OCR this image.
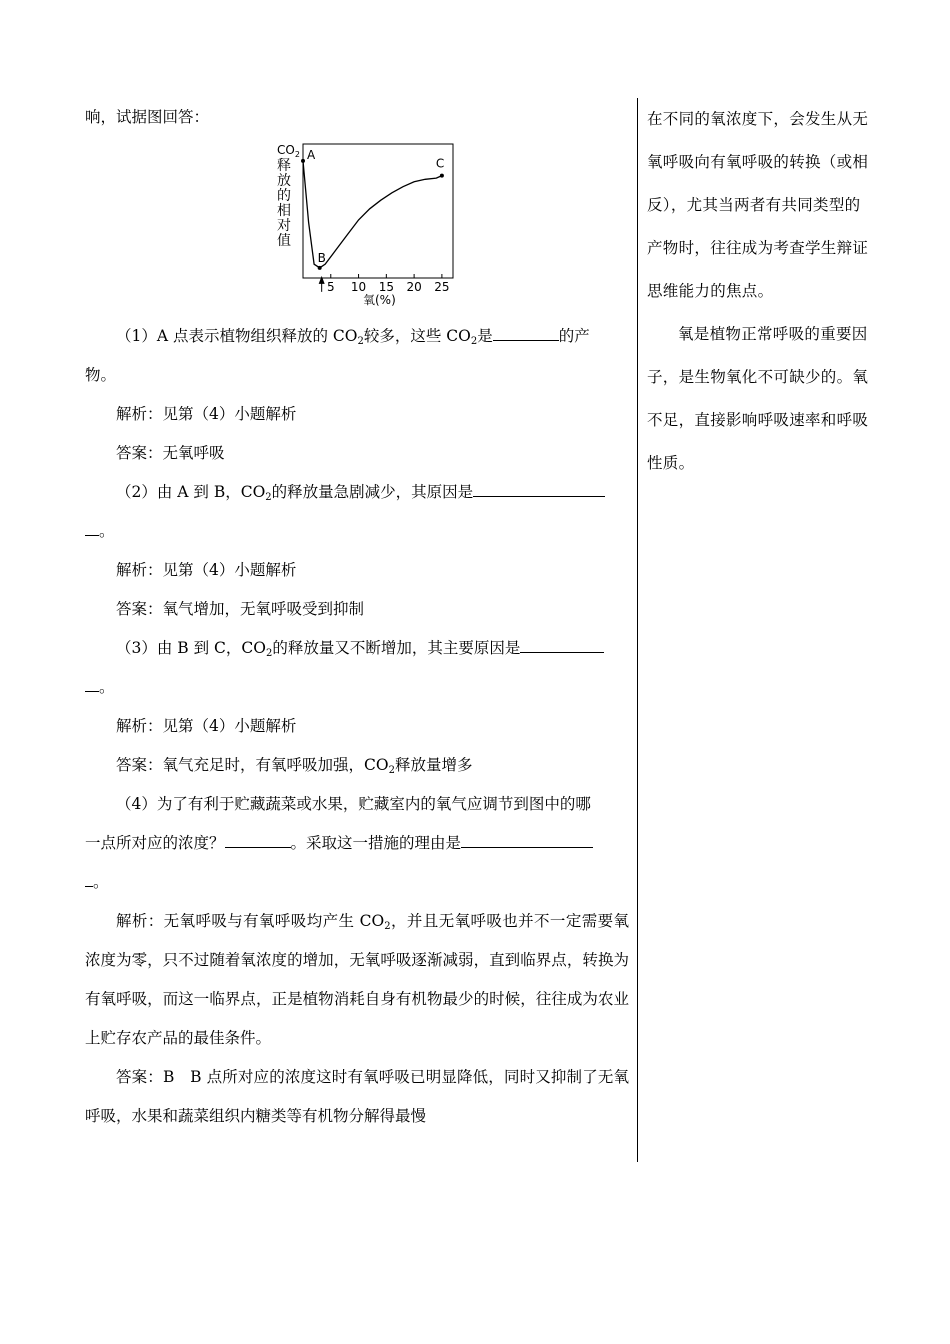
响，试据图回答：

$CO_2$
释
放
的
相
对
值
A
B
C
5 10 15 20 25
氧(%)

（1）A 点表示植物组织释放的 $CO_2$较多，这些 $CO_2$是	的产

物。

解析：见第（4）小题解析

答案：无氧呼吸

（2）由 A 到 B，$CO_2$的释放量急剧减少，其原因是

。

解析：见第（4）小题解析

答案：氧气增加，无氧呼吸受到抑制

（3）由 B 到 C，$CO_2$的释放量又不断增加，其主要原因是

。

解析：见第（4）小题解析

答案：氧气充足时，有氧呼吸加强，$CO_2$释放量增多

（4）为了有利于贮藏蔬菜或水果，贮藏室内的氧气应调节到图中的哪

一点所对应的浓度？	。采取这一措施的理由是

。

解析：无氧呼吸与有氧呼吸均产生 $CO_2$，并且无氧呼吸也并不一定需要氧浓度为零，只不过随着氧浓度的增加，无氧呼吸逐渐减弱，直到临界点，转换为有氧呼吸，而这一临界点，正是植物消耗自身有机物最少的时候，往往成为农业上贮存农产品的最佳条件。

答案：B　B 点所对应的浓度这时有氧呼吸已明显降低，同时又抑制了无氧呼吸，水果和蔬菜组织内糖类等有机物分解得最慢

在不同的氧浓度下，会发生从无氧呼吸向有氧呼吸的转换（或相反），尤其当两者有共同类型的产物时，往往成为考查学生辩证思维能力的焦点。

氧是植物正常呼吸的重要因子，是生物氧化不可缺少的。氧不足，直接影响呼吸速率和呼吸性质。
